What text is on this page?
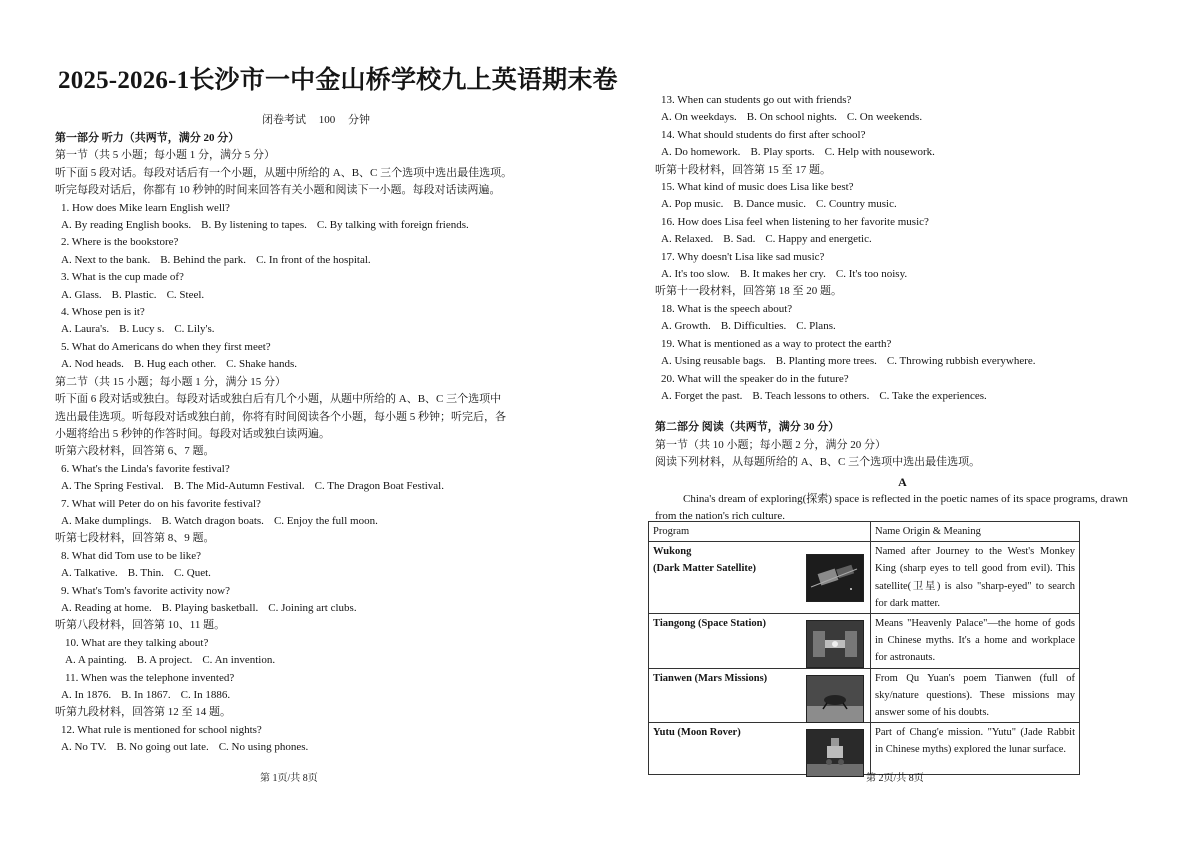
2025-2026-1长沙市一中金山桥学校九上英语期末卷
闭卷考试 100 分钟
第一部分 听力（共两节，满分 20 分）
第一节（共 5 小题；每小题 1 分，满分 5 分）
听下面 5 段对话。每段对话后有一个小题，从题中所给的 A、B、C 三个选项中选出最佳选项。
听完每段对话后，你都有 10 秒钟的时间来回答有关小题和阅读下一小题。每段对话读两遍。
1. How does Mike learn English well?
A. By reading English books. B. By listening to tapes. C. By talking with foreign friends.
2. Where is the bookstore?
A. Next to the bank. B. Behind the park. C. In front of the hospital.
3. What is the cup made of?
A. Glass. B. Plastic. C. Steel.
4. Whose pen is it?
A. Laura's. B. Lucy s. C. Lily's.
5. What do Americans do when they first meet?
A. Nod heads. B. Hug each other. C. Shake hands.
第二节（共 15 小题；每小题 1 分，满分 15 分）
听下面 6 段对话或独白。每段对话或独白后有几个小题，从题中所给的 A、B、C 三个选项中
选出最佳选项。听每段对话或独白前，你将有时间阅读各个小题，每小题 5 秒钟；听完后，各
小题将给出 5 秒钟的作答时间。每段对话或独白读两遍。
听第六段材料，回答第 6、7 题。
6. What's the Linda's favorite festival?
A. The Spring Festival. B. The Mid-Autumn Festival. C. The Dragon Boat Festival.
7. What will Peter do on his favorite festival?
A. Make dumplings. B. Watch dragon boats. C. Enjoy the full moon.
听第七段材料，回答第 8、9 题。
8. What did Tom use to be like?
A. Talkative. B. Thin. C. Quet.
9. What's Tom's favorite activity now?
A. Reading at home. B. Playing basketball. C. Joining art clubs.
听第八段材料，回答第 10、11 题。
10. What are they talking about?
A. A painting. B. A project. C. An invention.
11. When was the telephone invented?
A. In 1876. B. In 1867. C. In 1886.
听第九段材料，回答第 12 至 14 题。
12. What rule is mentioned for school nights?
A. No TV. B. No going out late. C. No using phones.
13. When can students go out with friends?
A. On weekdays. B. On school nights. C. On weekends.
14. What should students do first after school?
A. Do homework. B. Play sports. C. Help with nousework.
听第十段材料，回答第 15 至 17 题。
15. What kind of music does Lisa like best?
A. Pop music. B. Dance music. C. Country music.
16. How does Lisa feel when listening to her favorite music?
A. Relaxed. B. Sad. C. Happy and energetic.
17. Why doesn't Lisa like sad music?
A. It's too slow. B. It makes her cry. C. It's too noisy.
听第十一段材料，回答第 18 至 20 题。
18. What is the speech about?
A. Growth. B. Difficulties. C. Plans.
19. What is mentioned as a way to protect the earth?
A. Using reusable bags. B. Planting more trees. C. Throwing rubbish everywhere.
20. What will the speaker do in the future?
A. Forget the past. B. Teach lessons to others. C. Take the experiences.
第二部分 阅读（共两节，满分 30 分）
第一节（共 10 小题；每小题 2 分，满分 20 分）
阅读下列材料，从每题所给的 A、B、C 三个选项中选出最佳选项。
A
China's dream of exploring(探索) space is reflected in the poetic names of its space programs, drawn from the nation's rich culture.
Program	Name Origin & Meaning

Wukong
(Dark Matter Satellite)	Named after Journey to the West's Monkey King (sharp eyes to tell good from evil). This satellite(卫星) is also "sharp-eyed" to search for dark matter.

Tiangong (Space Station)	Means "Heavenly Palace"—the home of gods in Chinese myths. It's a home and workplace for astronauts.

Tianwen (Mars Missions)	From Qu Yuan's poem Tianwen (full of sky/nature questions). These missions may answer some of his doubts.

Yutu (Moon Rover)	Part of Chang'e mission. "Yutu" (Jade Rabbit in Chinese myths) explored the lunar surface.
第 1页/共 8页	第 2页/共 8页
